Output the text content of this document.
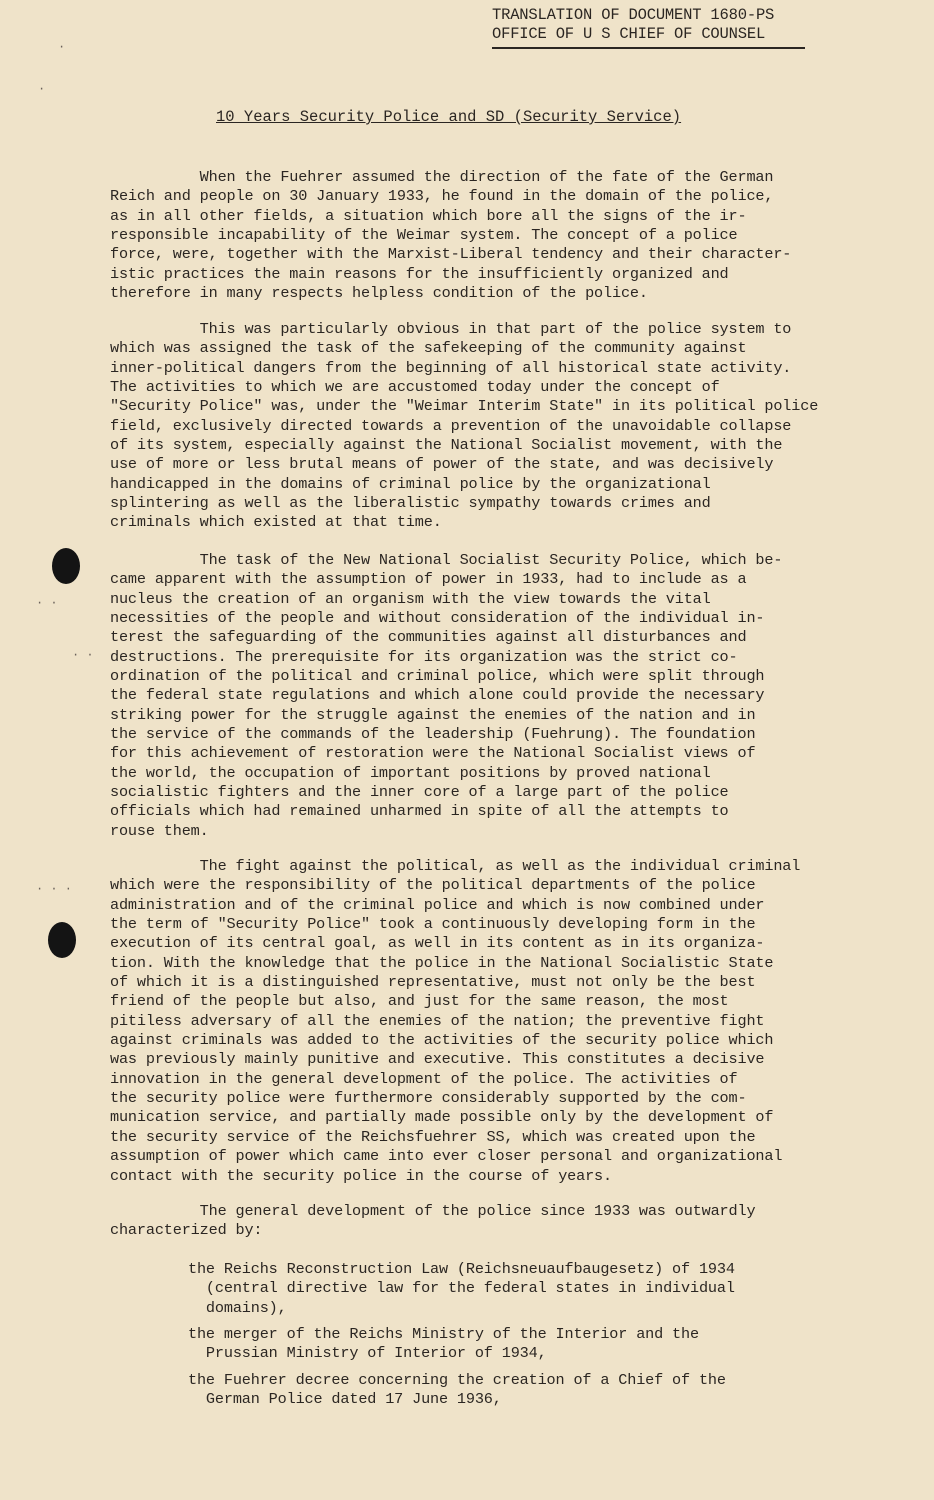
TRANSLATION OF DOCUMENT 1680-PS
OFFICE OF U S CHIEF OF COUNSEL
·
·
10 Years Security Police and SD (Security Service)
When the Fuehrer assumed the direction of the fate of the German
Reich and people on 30 January 1933, he found in the domain of the police,
as in all other fields, a situation which bore all the signs of the ir-
responsible incapability of the Weimar system. The concept of a police
force, were, together with the Marxist-Liberal tendency and their character-
istic practices the main reasons for the insufficiently organized and
therefore in many respects helpless condition of the police.
This was particularly obvious in that part of the police system to
which was assigned the task of the safekeeping of the community against
inner-political dangers from the beginning of all historical state activity.
The activities to which we are accustomed today under the concept of
"Security Police" was, under the "Weimar Interim State" in its political police
field, exclusively directed towards a prevention of the unavoidable collapse
of its system, especially against the National Socialist movement, with the
use of more or less brutal means of power of the state, and was decisively
handicapped in the domains of criminal police by the organizational
splintering as well as the liberalistic sympathy towards crimes and
criminals which existed at that time.
The task of the New National Socialist Security Police, which be-
came apparent with the assumption of power in 1933, had to include as a
nucleus the creation of an organism with the view towards the vital
necessities of the people and without consideration of the individual in-
terest the safeguarding of the communities against all disturbances and
destructions. The prerequisite for its organization was the strict co-
ordination of the political and criminal police, which were split through
the federal state regulations and which alone could provide the necessary
striking power for the struggle against the enemies of the nation and in
the service of the commands of the leadership (Fuehrung). The foundation
for this achievement of restoration were the National Socialist views of
the world, the occupation of important positions by proved national
socialistic fighters and the inner core of a large part of the police
officials which had remained unharmed in spite of all the attempts to
rouse them.
· ·
· ·
The fight against the political, as well as the individual criminal
which were the responsibility of the political departments of the police
administration and of the criminal police and which is now combined under
the term of "Security Police" took a continuously developing form in the
execution of its central goal, as well in its content as in its organiza-
tion. With the knowledge that the police in the National Socialistic State
of which it is a distinguished representative, must not only be the best
friend of the people but also, and just for the same reason, the most
pitiless adversary of all the enemies of the nation; the preventive fight
against criminals was added to the activities of the security police which
was previously mainly punitive and executive. This constitutes a decisive
innovation in the general development of the police. The activities of
the security police were furthermore considerably supported by the com-
munication service, and partially made possible only by the development of
the security service of the Reichsfuehrer SS, which was created upon the
assumption of power which came into ever closer personal and organizational
contact with the security police in the course of years.
· · ·
The general development of the police since 1933 was outwardly
characterized by:
the Reichs Reconstruction Law (Reichsneuaufbaugesetz) of 1934
(central directive law for the federal states in individual
domains),
the merger of the Reichs Ministry of the Interior and the
Prussian Ministry of Interior of 1934,
the Fuehrer decree concerning the creation of a Chief of the
German Police dated 17 June 1936,
